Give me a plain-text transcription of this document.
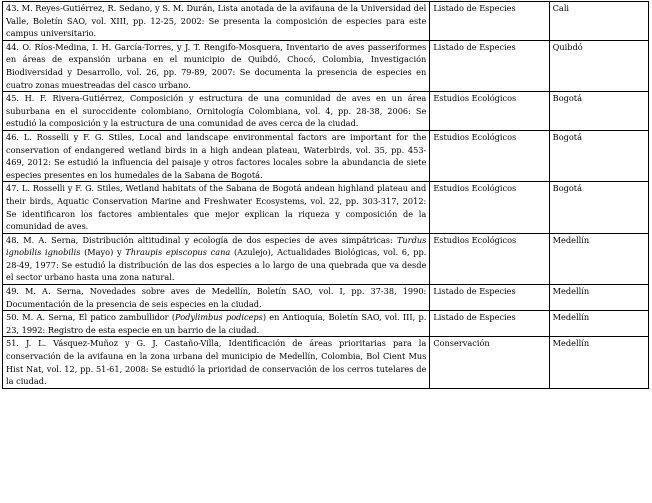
43. M. Reyes-Gutiérrez, R. Sedano, y S. M. Durán, Lista anotada de la avifauna de la Universidad del Valle, Boletín SAO, vol. XIII, pp. 12-25, 2002: Se presenta la composición de especies para este campus universitario.	Listado de Especies	Cali
44. O. Ríos-Medina, I. H. García-Torres, y J. T. Rengifo-Mosquera, Inventario de aves passeriformes en áreas de expansión urbana en el municipio de Quibdó, Chocó, Colombia, Investigación Biodiversidad y Desarrollo, vol. 26, pp. 79-89, 2007: Se documenta la presencia de especies en cuatro zonas muestreadas del casco urbano.	Listado de Especies	Quibdó
45. H. F. Rivera-Gutiérrez, Composición y estructura de una comunidad de aves en un área suburbana en el suroccidente colombiano, Ornitología Colombiana, vol. 4, pp. 28-38, 2006: Se estudió la composición y la estructura de una comunidad de aves cerca de la ciudad.	Estudios Ecológicos	Bogotá
46. L. Rosselli y F. G. Stiles, Local and landscape environmental factors are important for the conservation of endangered wetland birds in a high andean plateau, Waterbirds, vol. 35, pp. 453-469, 2012: Se estudió la influencia del paisaje y otros factores locales sobre la abundancia de siete especies presentes en los humedales de la Sabana de Bogotá.	Estudios Ecológicos	Bogotá
47. L. Rosselli y F. G. Stiles, Wetland habitats of the Sabana de Bogotá andean highland plateau and their birds, Aquatic Conservation Marine and Freshwater Ecosystems, vol. 22, pp. 303-317, 2012: Se identificaron los factores ambientales que mejor explican la riqueza y composición de la comunidad de aves.	Estudios Ecológicos	Bogotá
48. M. A. Serna, Distribución altitudinal y ecología de dos especies de aves simpátricas: Turdus ignobilis ignobilis (Mayo) y Thraupis episcopus cana (Azulejo), Actualidades Biológicas, vol. 6, pp. 28-49, 1977: Se estudió la distribución de las dos especies a lo largo de una quebrada que va desde el sector urbano hasta una zona natural.	Estudios Ecológicos	Medellín
49. M. A. Serna, Novedades sobre aves de Medellín, Boletín SAO, vol. I, pp. 37-38, 1990: Documentación de la presencia de seis especies en la ciudad.	Listado de Especies	Medellín
50. M. A. Serna, El patico zambullidor (Podylimbus podiceps) en Antioquia, Boletín SAO, vol. III, p. 23, 1992: Registro de esta especie en un barrio de la ciudad.	Listado de Especies	Medellín
51. J. L. Vásquez-Muñoz y G. J. Castaño-Villa, Identificación de áreas prioritarias para la conservación de la avifauna en la zona urbana del municipio de Medellín, Colombia, Bol Cient Mus Hist Nat, vol. 12, pp. 51-61, 2008: Se estudió la prioridad de conservación de los cerros tutelares de la ciudad.	Conservación	Medellín
